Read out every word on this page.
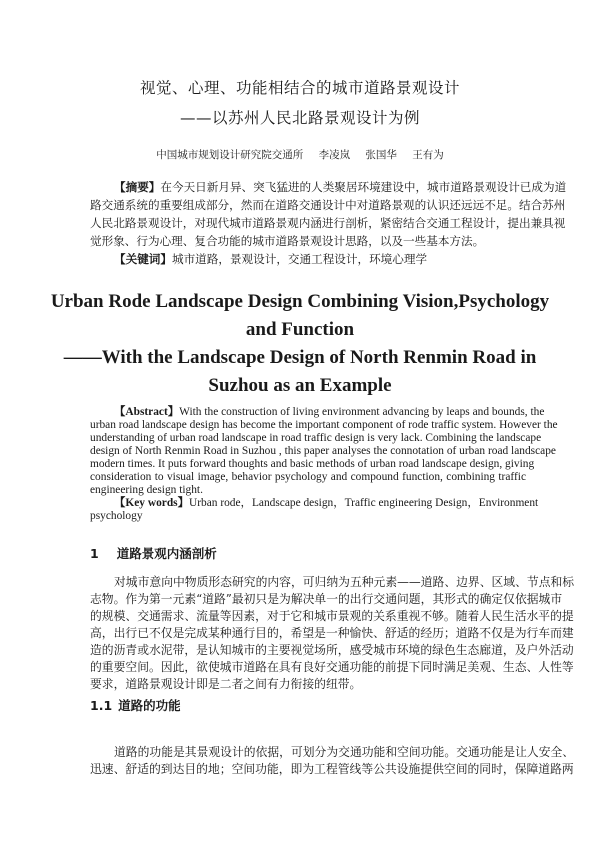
视觉、心理、功能相结合的城市道路景观设计
——以苏州人民北路景观设计为例
中国城市规划设计研究院交通所 李凌岚 张国华 王有为
【摘要】在今天日新月异、突飞猛进的人类聚居环境建设中，城市道路景观设计已成为道
路交通系统的重要组成部分，然而在道路交通设计中对道路景观的认识还远远不足。结合苏州
人民北路景观设计，对现代城市道路景观内涵进行剖析，紧密结合交通工程设计，提出兼具视
觉形象、行为心理、复合功能的城市道路景观设计思路，以及一些基本方法。
【关键词】城市道路，景观设计，交通工程设计，环境心理学
Urban Rode Landscape Design Combining Vision,Psychology
and Function
——With the Landscape Design of North Renmin Road in
Suzhou as an Example
【Abstract】With the construction of living environment advancing by leaps and bounds, the
urban road landscape design has become the important component of rode traffic system. However the
understanding of urban road landscape in road traffic design is very lack. Combining the landscape
design of North Renmin Road in Suzhou , this paper analyses the connotation of urban road landscape
modern times. It puts forward thoughts and basic methods of urban road landscape design, giving
consideration to visual image, behavior psychology and compound function, combining traffic
engineering design tight.
【Key words】Urban rode，Landscape design，Traffic engineering Design，Environment
psychology
1 道路景观内涵剖析
对城市意向中物质形态研究的内容，可归纳为五种元素——道路、边界、区域、节点和标
志物。作为第一元素“道路”最初只是为解决单一的出行交通问题，其形式的确定仅依据城市
的规模、交通需求、流量等因素，对于它和城市景观的关系重视不够。随着人民生活水平的提
高，出行已不仅是完成某种通行目的，希望是一种愉快、舒适的经历；道路不仅是为行车而建
造的沥青或水泥带，是认知城市的主要视觉场所，感受城市环境的绿色生态廊道，及户外活动
的重要空间。因此，欲使城市道路在具有良好交通功能的前提下同时满足美观、生态、人性等
要求，道路景观设计即是二者之间有力衔接的纽带。
1.1 道路的功能
道路的功能是其景观设计的依据，可划分为交通功能和空间功能。交通功能是让人安全、
迅速、舒适的到达目的地；空间功能，即为工程管线等公共设施提供空间的同时，保障道路两
